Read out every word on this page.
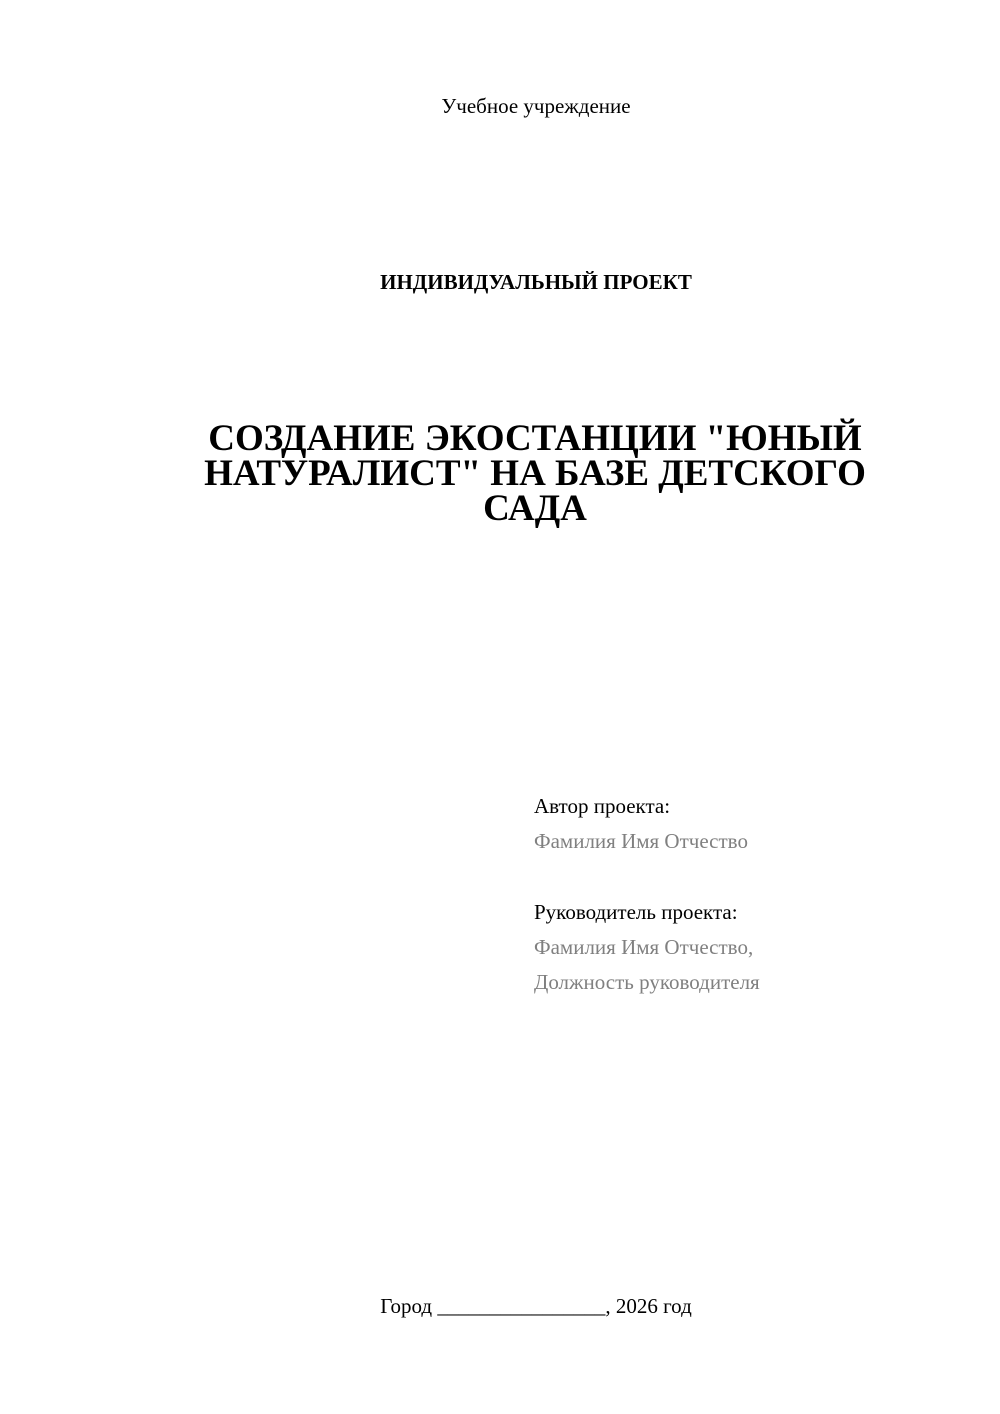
Учебное учреждение
ИНДИВИДУАЛЬНЫЙ ПРОЕКТ
СОЗДАНИЕ ЭКОСТАНЦИИ "ЮНЫЙ НАТУРАЛИСТ" НА БАЗЕ ДЕТСКОГО САДА
Автор проекта:
Фамилия Имя Отчество
Руководитель проекта:
Фамилия Имя Отчество,
Должность руководителя
Город ________________, 2026 год
